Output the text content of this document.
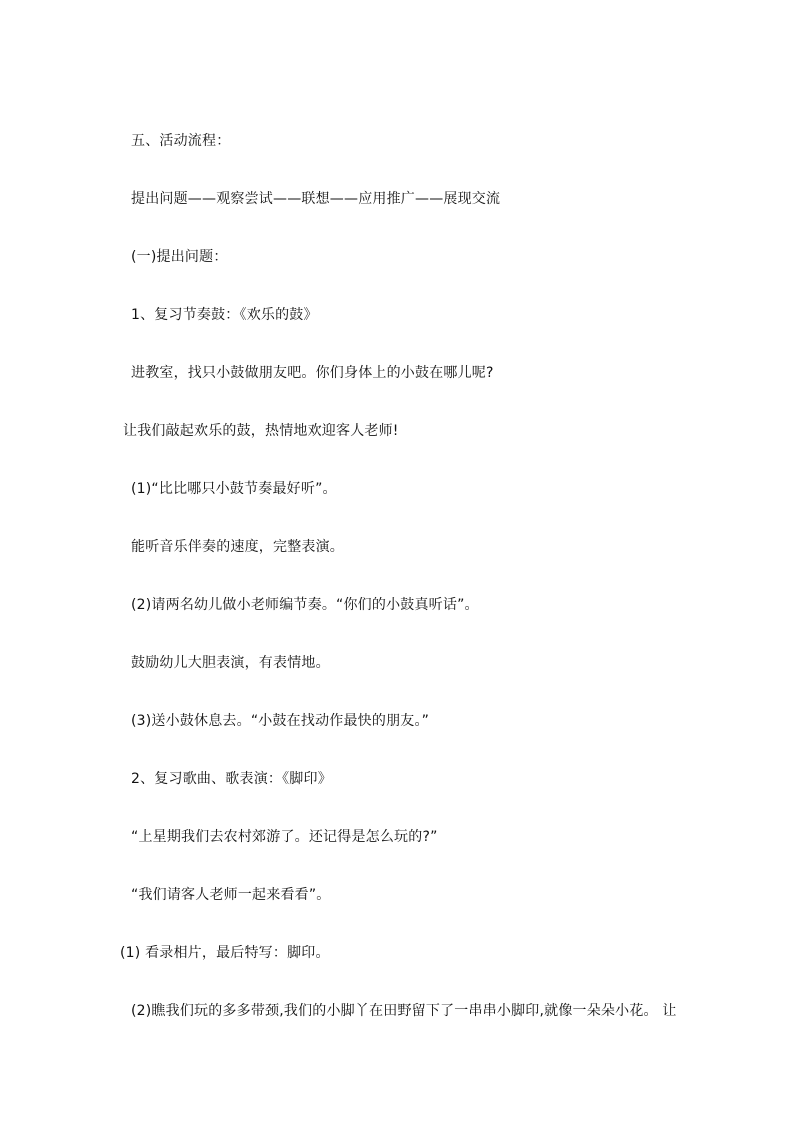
五、活动流程：
提出问题——观察尝试——联想——应用推广——展现交流
(一)提出问题：
1、复习节奏鼓：《欢乐的鼓》
进教室，找只小鼓做朋友吧。你们身体上的小鼓在哪儿呢?
让我们敲起欢乐的鼓，热情地欢迎客人老师!
(1)“比比哪只小鼓节奏最好听”。
能听音乐伴奏的速度，完整表演。
(2)请两名幼儿做小老师编节奏。“你们的小鼓真听话”。
鼓励幼儿大胆表演，有表情地。
(3)送小鼓休息去。“小鼓在找动作最快的朋友。”
2、复习歌曲、歌表演：《脚印》
“上星期我们去农村郊游了。还记得是怎么玩的?”
“我们请客人老师一起来看看”。
(1) 看录相片，最后特写：脚印。
(2)瞧我们玩的多多带颈,我们的小脚丫在田野留下了一串串小脚印,就像一朵朵小花。 让
